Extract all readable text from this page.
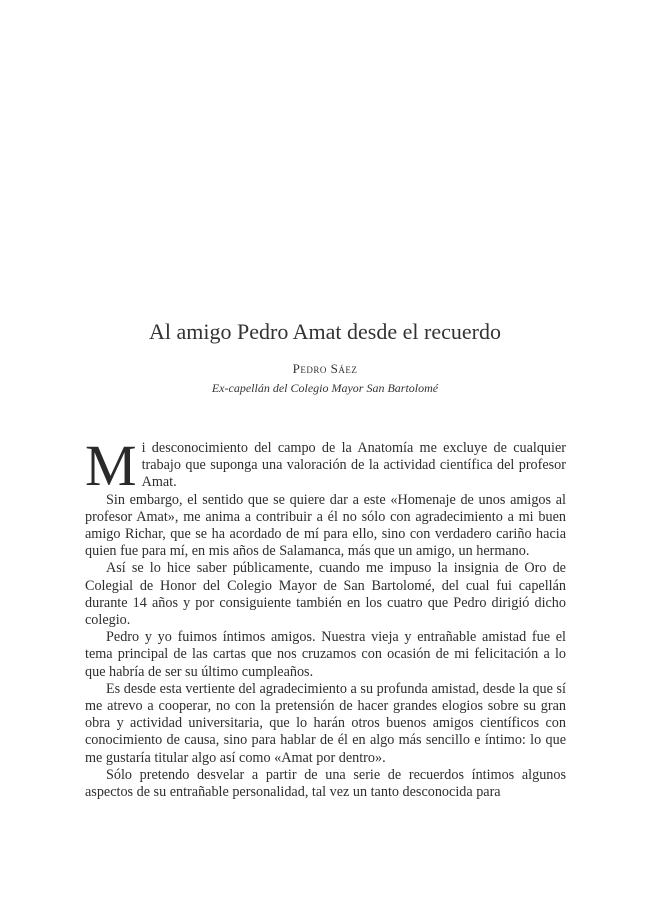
Al amigo Pedro Amat desde el recuerdo
Pedro Sáez
Ex-capellán del Colegio Mayor San Bartolomé

Mi desconocimiento del campo de la Anatomía me excluye de cualquier trabajo que suponga una valoración de la actividad científica del profesor Amat.

Sin embargo, el sentido que se quiere dar a este «Homenaje de unos amigos al profesor Amat», me anima a contribuir a él no sólo con agradecimiento a mi buen amigo Richar, que se ha acordado de mí para ello, sino con verdadero cariño hacia quien fue para mí, en mis años de Salamanca, más que un amigo, un hermano.

Así se lo hice saber públicamente, cuando me impuso la insignia de Oro de Colegial de Honor del Colegio Mayor de San Bartolomé, del cual fui capellán durante 14 años y por consiguiente también en los cuatro que Pedro dirigió dicho colegio.

Pedro y yo fuimos íntimos amigos. Nuestra vieja y entrañable amistad fue el tema principal de las cartas que nos cruzamos con ocasión de mi felicitación a lo que habría de ser su último cumpleaños.

Es desde esta vertiente del agradecimiento a su profunda amistad, desde la que sí me atrevo a cooperar, no con la pretensión de hacer grandes elogios sobre su gran obra y actividad universitaria, que lo harán otros buenos amigos científicos con conocimiento de causa, sino para hablar de él en algo más sencillo e íntimo: lo que me gustaría titular algo así como «Amat por dentro».

Sólo pretendo desvelar a partir de una serie de recuerdos íntimos algunos aspectos de su entrañable personalidad, tal vez un tanto desconocida para
